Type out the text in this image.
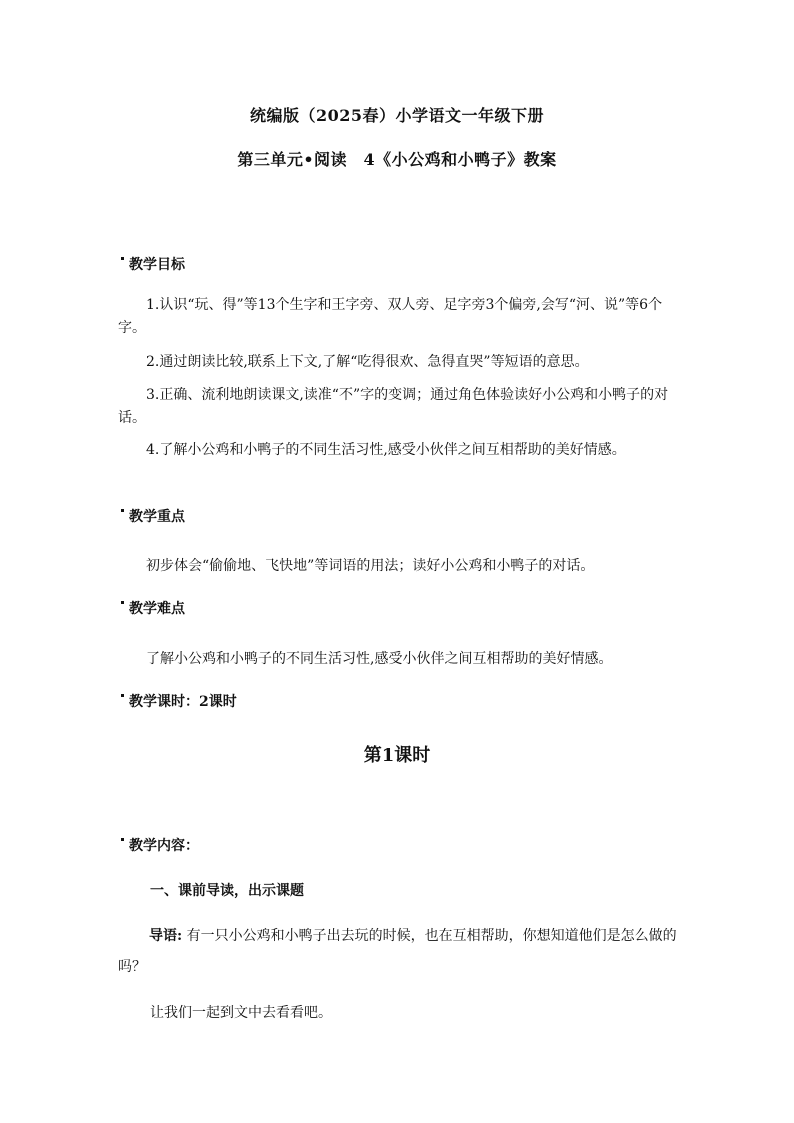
统编版（2025春）小学语文一年级下册
第三单元•阅读　4《小公鸡和小鸭子》教案
教学目标
1.认识“玩、得”等13个生字和王字旁、双人旁、足字旁3个偏旁,会写“河、说”等6个字。
2.通过朗读比较,联系上下文,了解“吃得很欢、急得直哭”等短语的意思。
3.正确、流利地朗读课文,读准“不”字的变调；通过角色体验读好小公鸡和小鸭子的对话。
4.了解小公鸡和小鸭子的不同生活习性,感受小伙伴之间互相帮助的美好情感。
教学重点
初步体会“偷偷地、飞快地”等词语的用法；读好小公鸡和小鸭子的对话。
教学难点
了解小公鸡和小鸭子的不同生活习性,感受小伙伴之间互相帮助的美好情感。
教学课时：2课时
第1课时
教学内容：
一、课前导读，出示课题
导语: 有一只小公鸡和小鸭子出去玩的时候，也在互相帮助，你想知道他们是怎么做的吗？
让我们一起到文中去看看吧。
